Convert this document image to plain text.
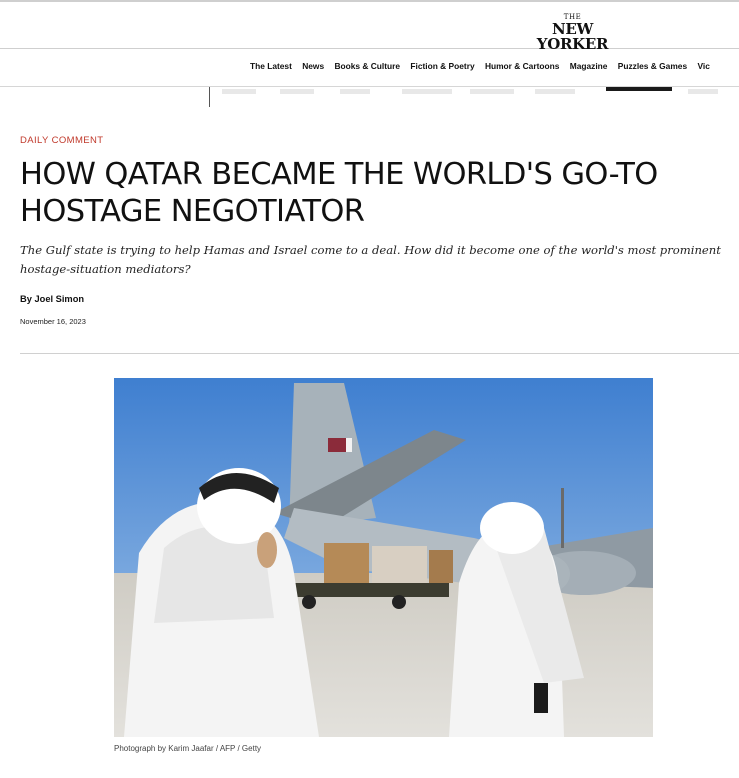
THE
NEW YORKER
The Latest News Books & Culture Fiction & Poetry Humor & Cartoons Magazine Puzzles & Games Vic
DAILY COMMENT
HOW QATAR BECAME THE WORLD'S GO-TO HOSTAGE NEGOTIATOR

The Gulf state is trying to help Hamas and Israel come to a deal. How did it become one of the world's most prominent hostage-situation mediators?

By Joel Simon
November 16, 2023
Photograph by Karim Jaafar / AFP / Getty
